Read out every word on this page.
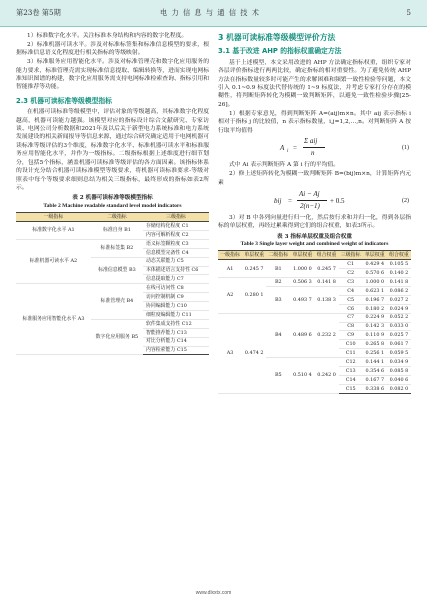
第23卷 第5期	电 力 信 息 与 通 信 技 术	5

1）标准数字化水平。关注标准本身结构和内容的数字化程度。

2）标准机器可读水平。涉及对标准标签集和标准信息模型的要求，根据标准信息语义化程度进行相关指标的等级映射。

3）标准服务应用智能化水平。涉及对标准管理壳和数字化应用服务的能力要求，标准管理壳需实现标准信息提取、编辑转换等，进而实现电网标准知识图谱的构建，数字化应用服务需支持电网标准检索查询、指标引用和智能推荐等功能。

2.3 机器可读标准等级模型指标

在机器可读标准等级模型中，评估对象的等级越高，其标准数字化程度越高，机器可读能力越强。该模型对应的指标设计综合文献研究、专家访谈、电网公司分析数据和2021年及以后关于新型电力系统标准和电力系统发展建设的相关新闻报导等信息来源，通过综合研究确定适用于电网机器可读标准等级评估的3个维度，标准数字化水平、标准机器可读水平和标准服务应用智能化水平，并作为一级指标。二级指标根据上述维度进行细节划分，包括5个指标，涵盖机器可读标准等级评估的各方面因素。该指标体系的设计充分结合机器可读标准模型等级要求，将机器可读标准要求-等级对照表中每个等级要求细则总结为相关三级指标，最终形成的指标如表2所示。

表 2 机器可读标准等级模型指标
Table 2 Machine readable standard level model indicators
一级指标	二级指标	三级指标
标准数字化水平 A1	标准自身 B1	存储结构化程度 C1
		内容可解析程度 C2
标准机器可读水平 A2	标准标签集 B2	语义标签颗粒度 C3
		信息模型完备性 C4
	标准信息模型 B3	动态关联能力 C5
		本体描述语言支持性 C6
		信息提取能力 C7
标准服务应用智能化水平 A3	标准管理壳 B4	在线可访问性 C8
		访问控制机制 C9
		协同编辑能力 C10
		细粒度编辑能力 C11
	数字化应用服务 B5	软件集成支持性 C12
		智能推荐能力 C13
		对比分析能力 C14
		内容检索能力 C15
3 机器可读标准等级模型评价方法
3.1 基于改进 AHP 的指标权重确定方法

基于上述模型，本文采用改进的 AHP 方法确定指标权重，组织专家对各层评价指标进行两两比较，确定指标的相对重要性。为了避免传统 AHP 方法在指标数量较多时可能产生的求解困难和频繁一致性检验等问题，本文引入 0.1~0.9 标度法代替传统的 1~9 标度法，并考虑专家打分存在的模糊性，将判断矩阵转化为模糊一致判断矩阵，以避免一致性检验步骤[25-26]。

1）根据专家意见，得到判断矩阵 A=(aij)m×n。其中 aij 表示指标 i 相对于指标 j 的比较值，n 表示指标数量，i,j=1,2,…,n。对判断矩阵 A 按行取平均值得

A i =
Σ aij
n
(1)

式中 Ai 表示判断矩阵 A 第 i 行的平均值。

2）修上述矩阵转化为模糊一致判断矩阵 B=(bij)m×n，计算矩阵内元素

bij =
Ai − Aj
2(n−1)
+ 0.5	(2)

3）对 B 中各列向量进行归一化，然后按行求和并归一化，得到各层指标的单层权重，再经过累乘得到它们的组合权重，如表3所示。

表 3 指标单层权重及组合权重
Table 3 Single layer weight and combined weight of indicators
一级指标	单层权重	二级指标	单层权重	组合权重	三级指标	单层权重	组合权重
A1	0.245 7	B1	1.000 0	0.245 7	C1	0.429 4	0.105 5
					C2	0.570 6	0.140 2
A2	0.280 1	B2	0.506 3	0.141 8	C3	1.000 0	0.141 8
		B3	0.493 7	0.138 3	C4	0.623 1	0.086 2
					C5	0.196 7	0.027 2
					C6	0.180 2	0.024 9
A3	0.474 2	B4	0.489 6	0.232 2	C7	0.224 9	0.052 2
					C8	0.142 3	0.033 0
					C9	0.110 9	0.025 7
					C10	0.265 8	0.061 7
					C11	0.256 1	0.059 5
		B5	0.510 4	0.242 0	C12	0.144 1	0.034 9
					C13	0.354 6	0.085 8
					C14	0.167 7	0.040 6
					C15	0.338 6	0.082 0
www.dlxxtx.com
